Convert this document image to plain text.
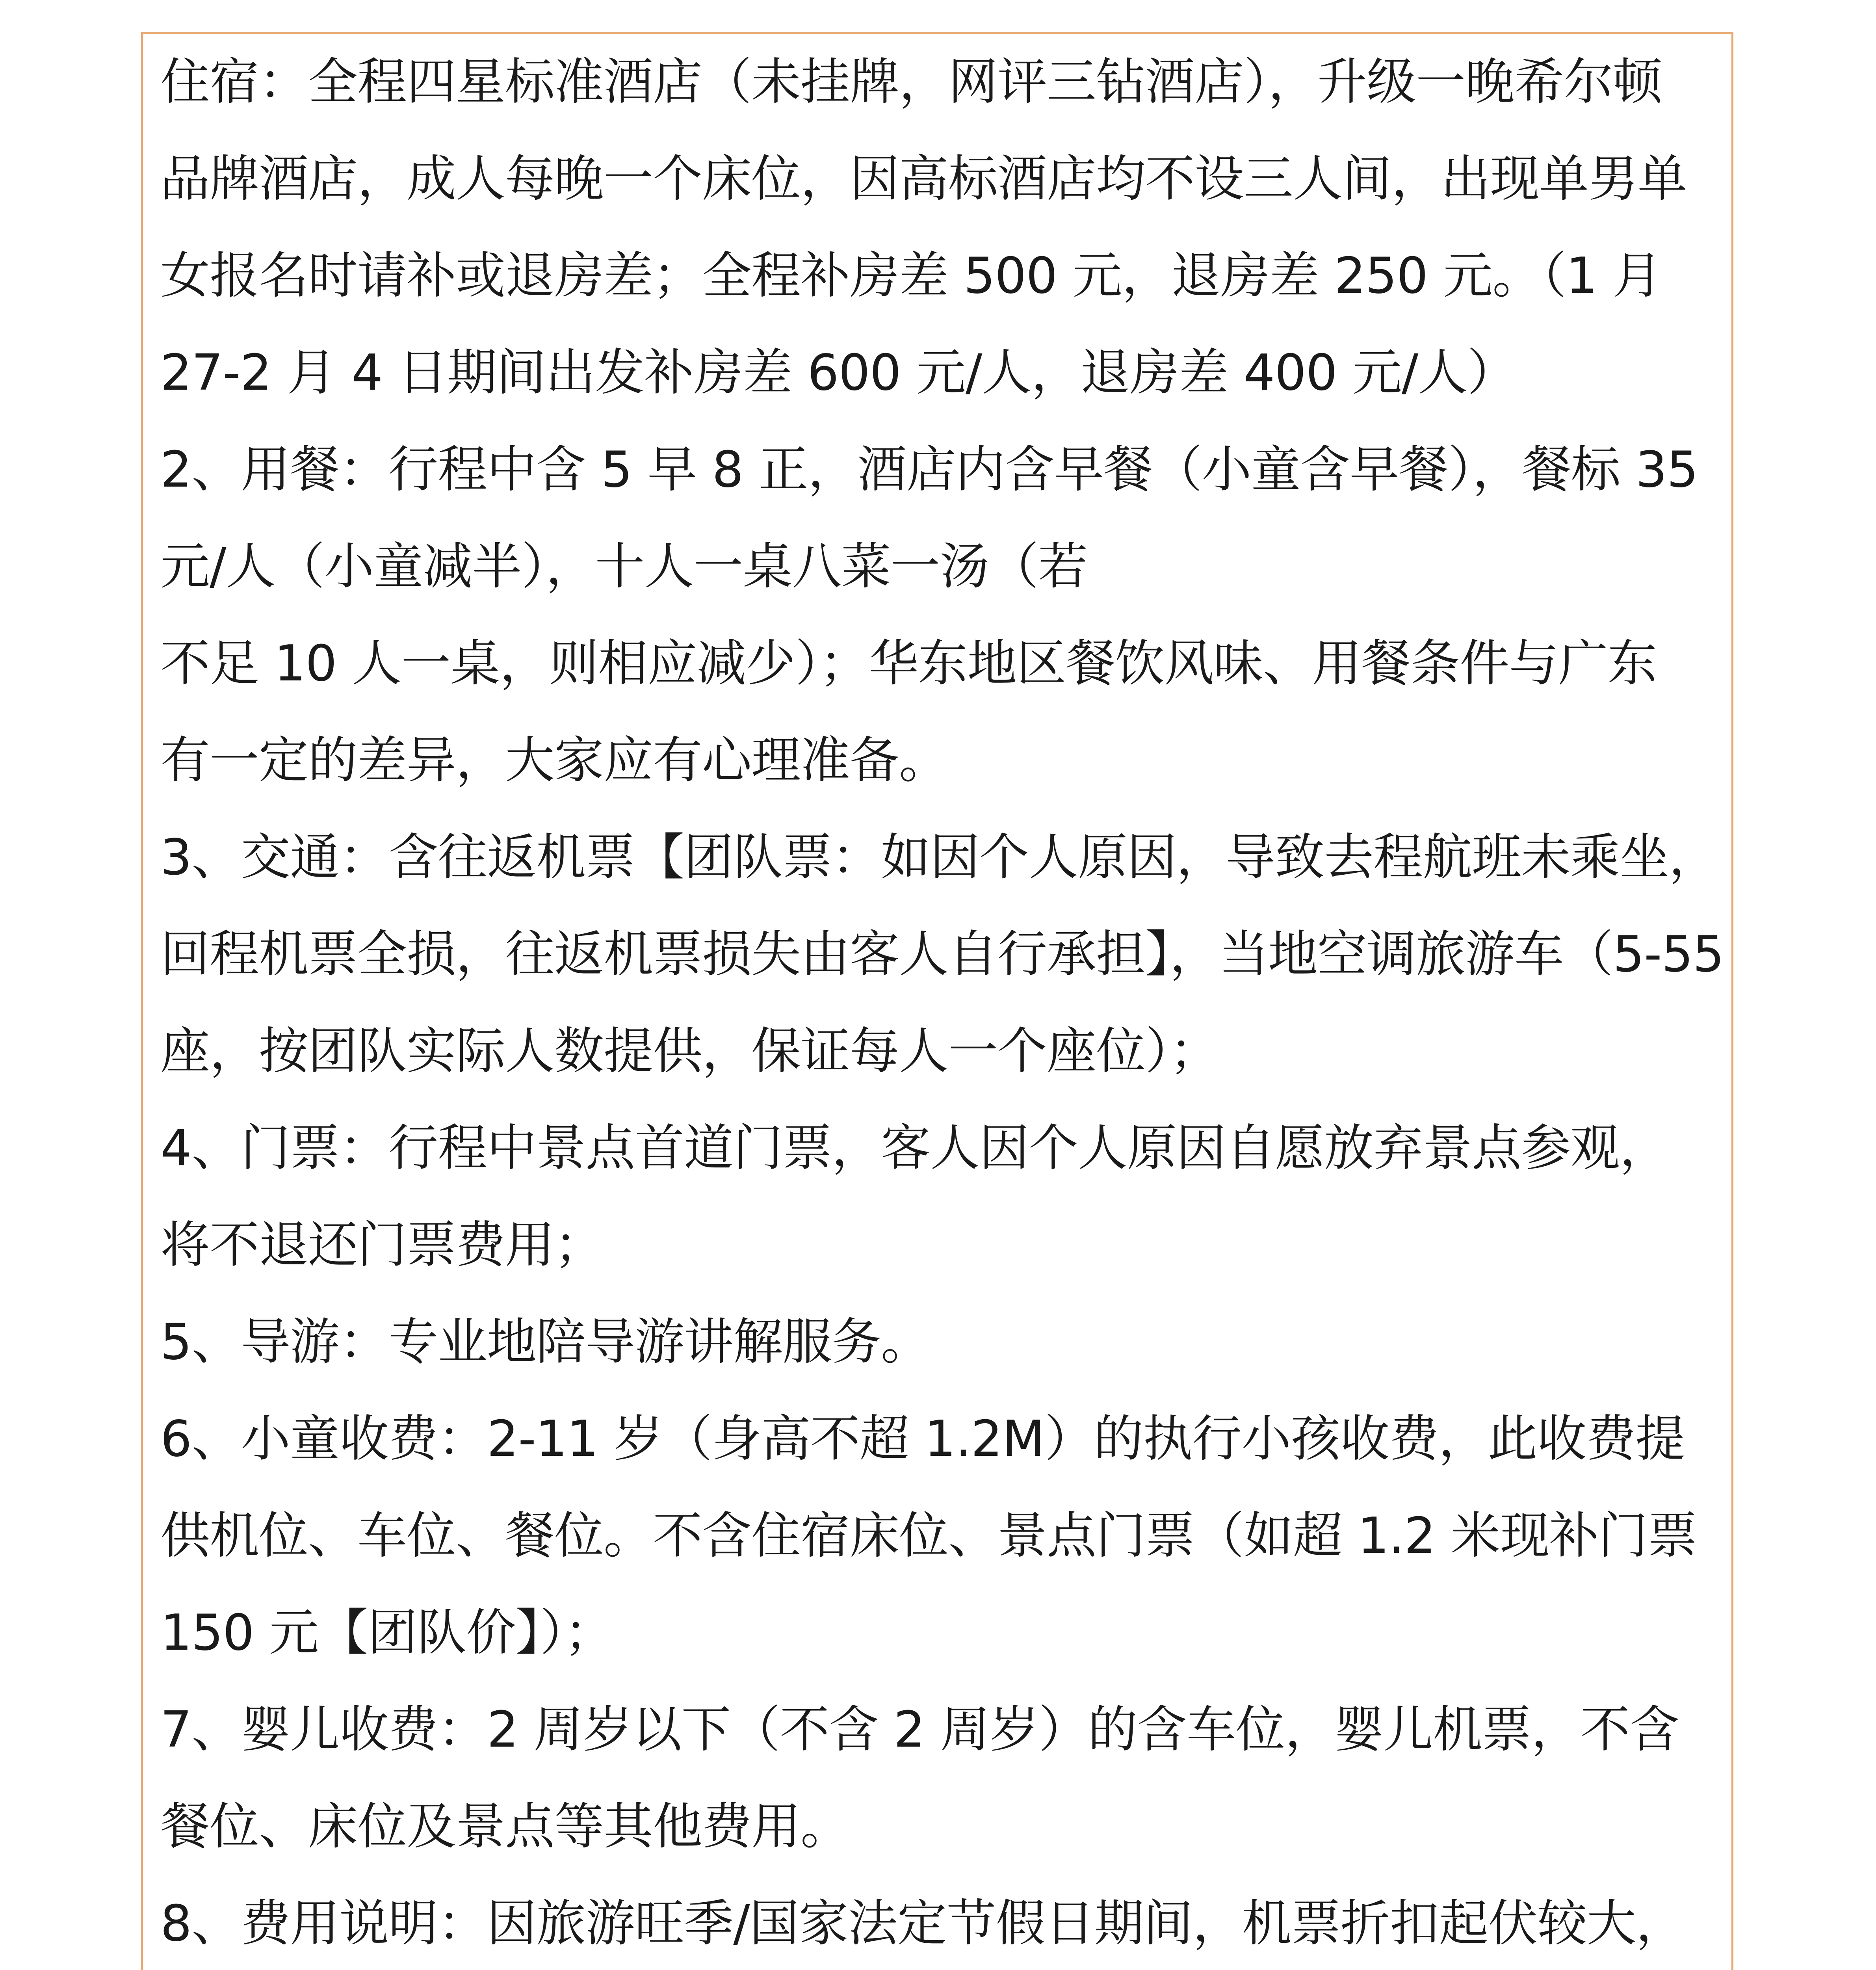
住宿：全程四星标准酒店（未挂牌，网评三钻酒店），升级一晚希尔顿
品牌酒店，成人每晚一个床位，因高标酒店均不设三人间，出现单男单
女报名时请补或退房差；全程补房差 500 元，退房差 250 元。（1 月
27-2 月 4 日期间出发补房差 600 元/人，退房差 400 元/人）
2、用餐：行程中含 5 早 8 正，酒店内含早餐（小童含早餐），餐标 35
元/人（小童减半），十人一桌八菜一汤（若
不足 10 人一桌，则相应减少）；华东地区餐饮风味、用餐条件与广东
有一定的差异，大家应有心理准备。
3、交通：含往返机票【团队票：如因个人原因，导致去程航班未乘坐，
回程机票全损，往返机票损失由客人自行承担】，当地空调旅游车（5-55
座，按团队实际人数提供，保证每人一个座位）；
4、门票：行程中景点首道门票，客人因个人原因自愿放弃景点参观，
将不退还门票费用；
5、导游：专业地陪导游讲解服务。
6、小童收费：2-11 岁（身高不超 1.2M）的执行小孩收费，此收费提
供机位、车位、餐位。不含住宿床位、景点门票（如超 1.2 米现补门票
150 元【团队价】）；
7、婴儿收费：2 周岁以下（不含 2 周岁）的含车位，婴儿机票，不含
餐位、床位及景点等其他费用。
8、费用说明：因旅游旺季/国家法定节假日期间，机票折扣起伏较大，
